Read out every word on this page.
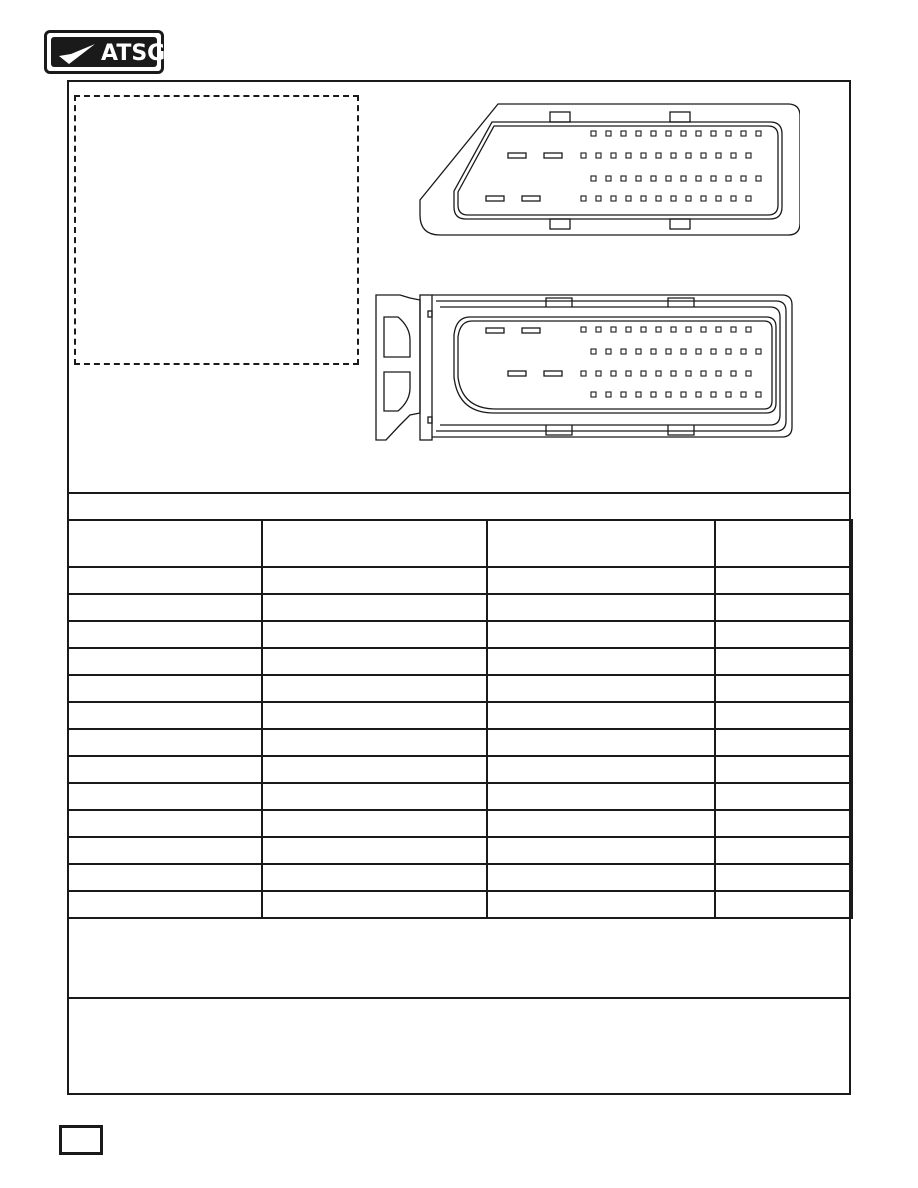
ATSG
